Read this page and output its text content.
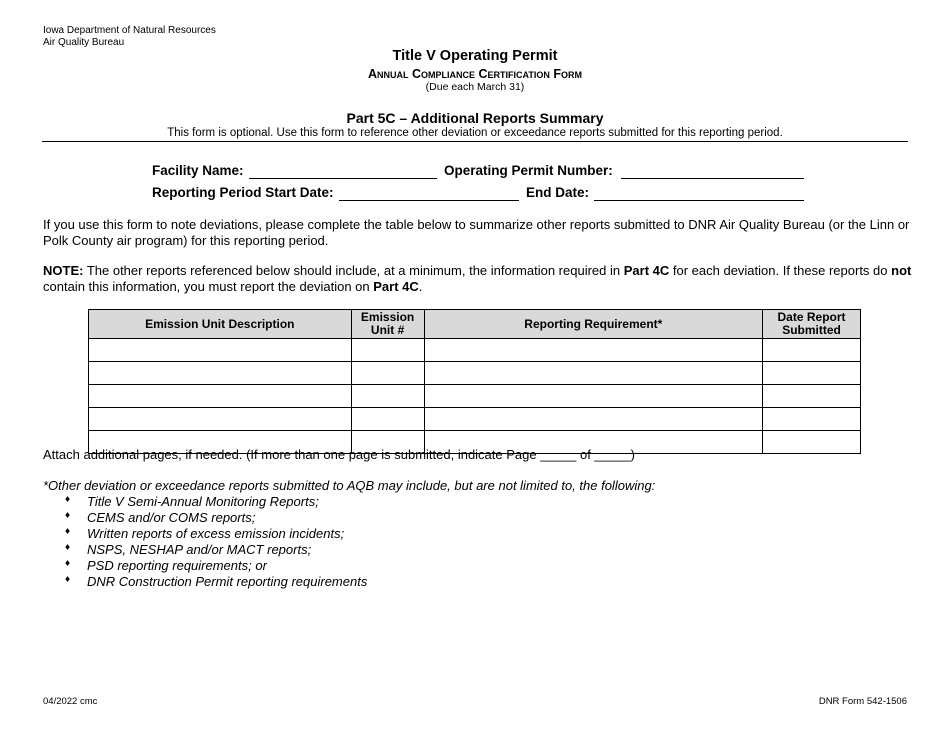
Iowa Department of Natural Resources
Air Quality Bureau
Title V Operating Permit
Annual Compliance Certification Form
(Due each March 31)
Part 5C – Additional Reports Summary
This form is optional. Use this form to reference other deviation or exceedance reports submitted for this reporting period.
Facility Name:	Operating Permit Number:
Reporting Period Start Date:	End Date:
If you use this form to note deviations, please complete the table below to summarize other reports submitted to DNR Air Quality Bureau (or the Linn or Polk County air program) for this reporting period.
NOTE: The other reports referenced below should include, at a minimum, the information required in Part 4C for each deviation. If these reports do not contain this information, you must report the deviation on Part 4C.
Emission Unit Description	Emission Unit #	Reporting Requirement*	Date Report Submitted

Attach additional pages, if needed. (If more than one page is submitted, indicate Page _____ of _____)
*Other deviation or exceedance reports submitted to AQB may include, but are not limited to, the following:
♦ Title V Semi-Annual Monitoring Reports;
♦ CEMS and/or COMS reports;
♦ Written reports of excess emission incidents;
♦ NSPS, NESHAP and/or MACT reports;
♦ PSD reporting requirements; or
♦ DNR Construction Permit reporting requirements
04/2022 cmc	DNR Form 542-1506
